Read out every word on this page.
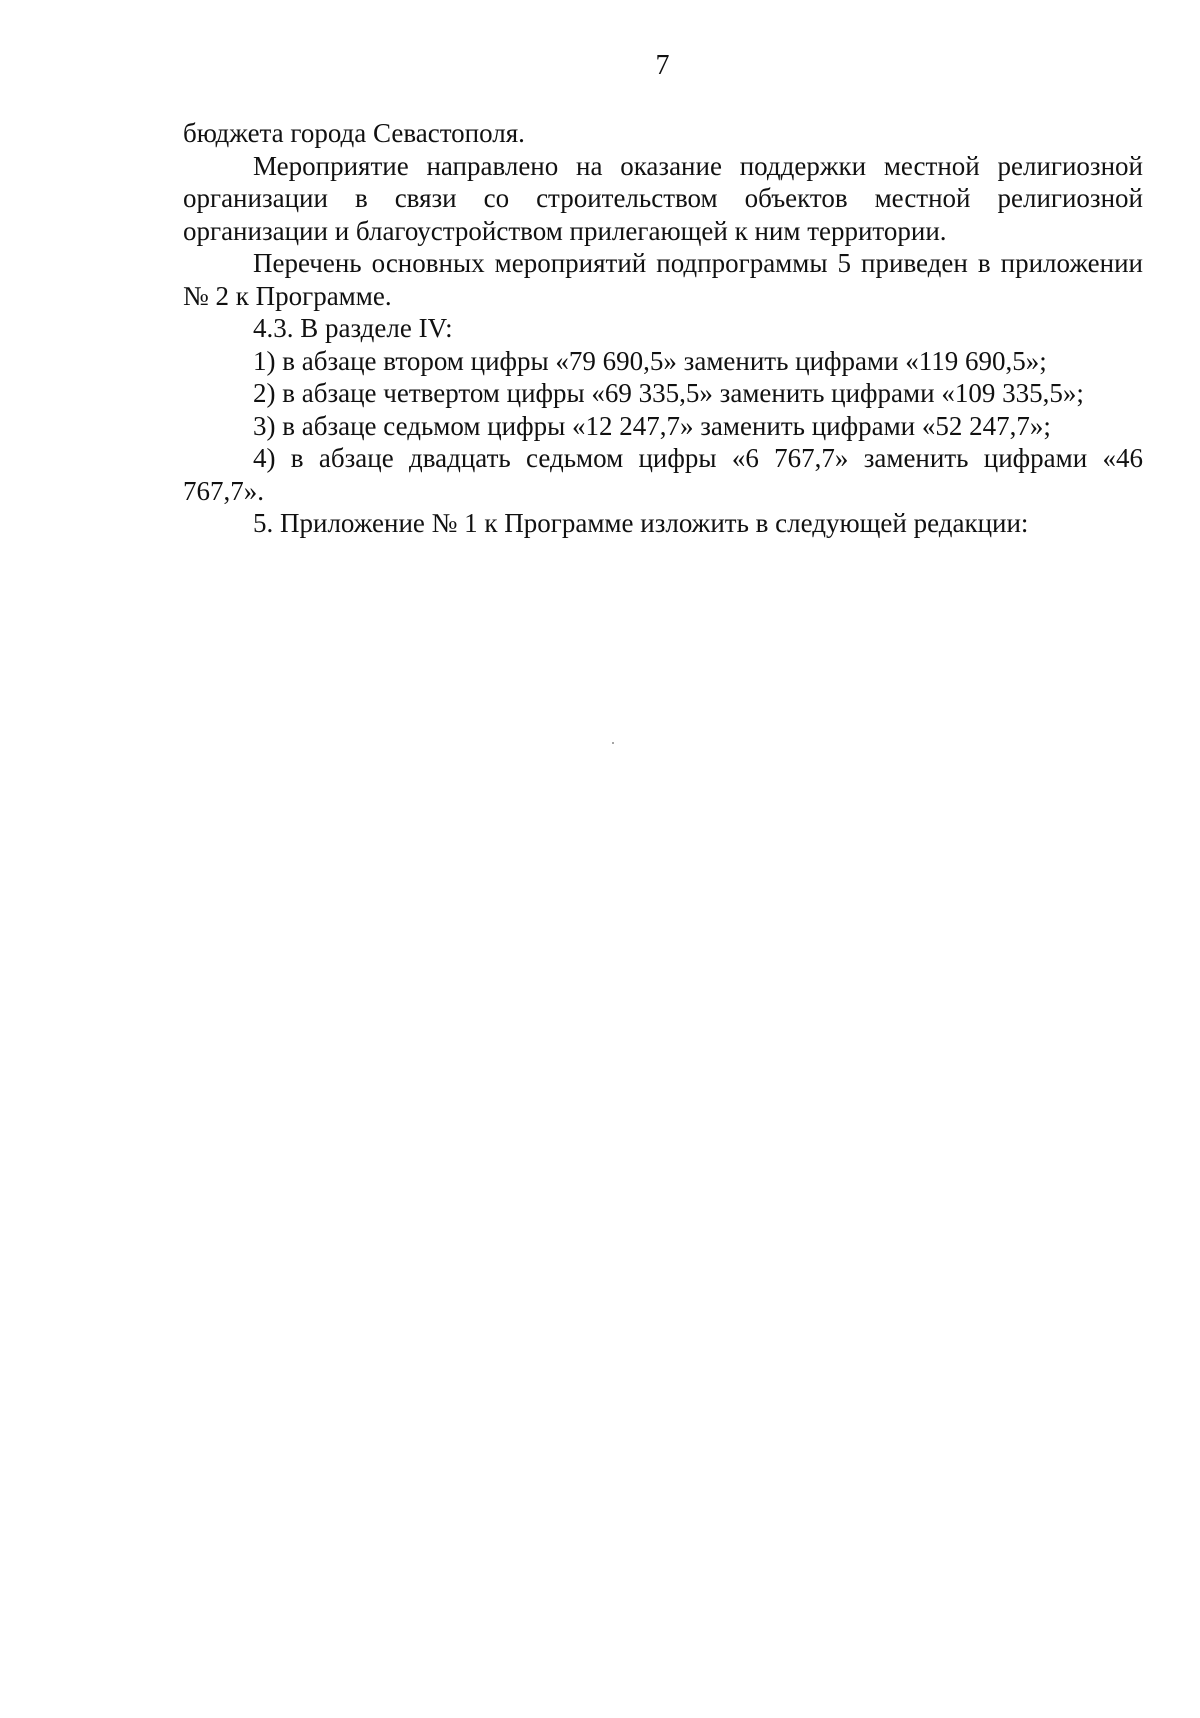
7

бюджета города Севастополя.

Мероприятие направлено на оказание поддержки местной религиозной организации в связи со строительством объектов местной религиозной организации и благоустройством прилегающей к ним территории.

Перечень основных мероприятий подпрограммы 5 приведен в приложении № 2 к Программе.

4.3. В разделе IV:

1) в абзаце втором цифры «79 690,5» заменить цифрами «119 690,5»;

2) в абзаце четвертом цифры «69 335,5» заменить цифрами «109 335,5»;

3) в абзаце седьмом цифры «12 247,7» заменить цифрами «52 247,7»;

4) в абзаце двадцать седьмом цифры «6 767,7» заменить цифрами «46 767,7».

5. Приложение № 1 к Программе изложить в следующей редакции:
